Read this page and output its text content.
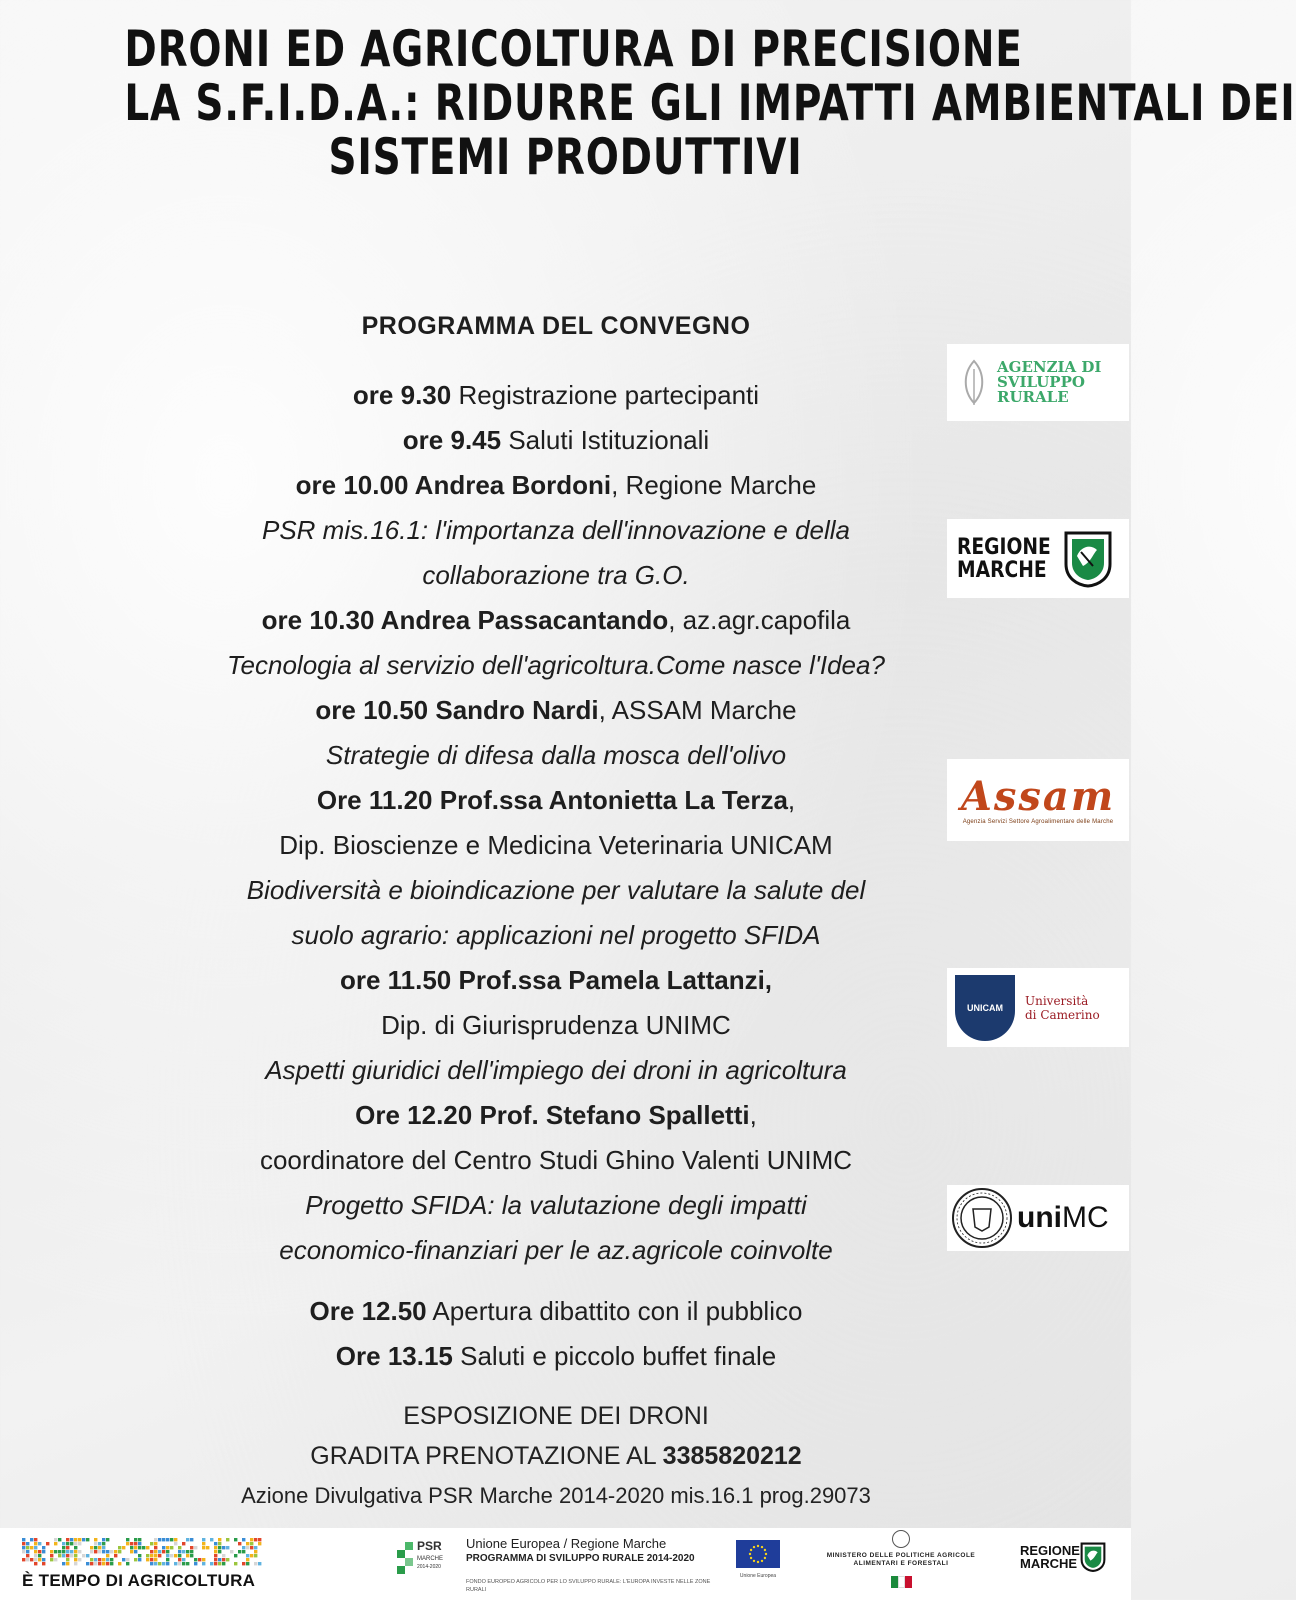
DRONI ED AGRICOLTURA DI PRECISIONE
LA S.F.I.D.A.: RIDURRE GLI IMPATTI AMBIENTALI DEI
SISTEMI PRODUTTIVI
PROGRAMMA DEL CONVEGNO
ore 9.30 Registrazione partecipanti
ore 9.45 Saluti Istituzionali
ore 10.00 Andrea Bordoni, Regione Marche
PSR mis.16.1: l'importanza dell'innovazione e della
collaborazione tra G.O.
ore 10.30 Andrea Passacantando, az.agr.capofila
Tecnologia al servizio dell'agricoltura.Come nasce l'Idea?
ore 10.50 Sandro Nardi, ASSAM Marche
Strategie di difesa dalla mosca dell'olivo
Ore 11.20 Prof.ssa Antonietta La Terza,
Dip. Bioscienze e Medicina Veterinaria UNICAM
Biodiversità e bioindicazione per valutare la salute del
suolo agrario: applicazioni nel progetto SFIDA
ore 11.50 Prof.ssa Pamela Lattanzi,
Dip. di Giurisprudenza UNIMC
Aspetti giuridici dell'impiego dei droni in agricoltura
Ore 12.20 Prof. Stefano Spalletti,
coordinatore del Centro Studi Ghino Valenti UNIMC
Progetto SFIDA: la valutazione degli impatti
economico-finanziari per le az.agricole coinvolte
Ore 12.50 Apertura dibattito con il pubblico
Ore 13.15 Saluti e piccolo buffet finale
ESPOSIZIONE DEI DRONI
GRADITA PRENOTAZIONE AL 3385820212
Azione Divulgativa PSR Marche 2014-2020 mis.16.1 prog.29073
AGENZIA DI
SVILUPPO
RURALE
REGIONE
MARCHE
Assam
Agenzia Servizi Settore Agroalimentare delle Marche
UNICAM	Università
di Camerino
uniMC
È TEMPO DI AGRICOLTURA
PSR
MARCHE
2014-2020
Unione Europea / Regione Marche
PROGRAMMA DI SVILUPPO RURALE 2014-2020
FONDO EUROPEO AGRICOLO PER LO SVILUPPO RURALE: L'EUROPA INVESTE NELLE ZONE RURALI
Unione Europea
MINISTERO DELLE POLITICHE AGRICOLE
ALIMENTARI E FORESTALI
REGIONE
MARCHE
